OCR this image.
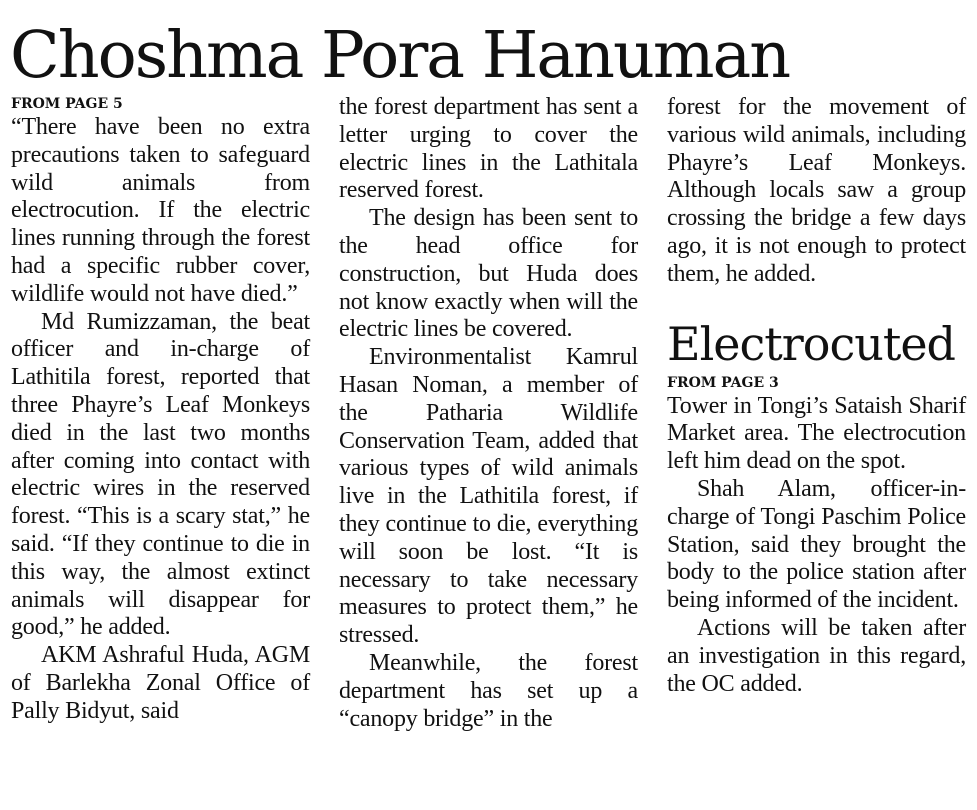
Choshma Pora Hanuman
FROM PAGE 5

“There have been no extra precautions taken to safeguard wild animals from electrocution. If the electric lines running through the forest had a specific rubber cover, wildlife would not have died.”

Md Rumizzaman, the beat officer and in-charge of Lathitila forest, reported that three Phayre’s Leaf Monkeys died in the last two months after coming into contact with electric wires in the reserved forest. “This is a scary stat,” he said. “If they continue to die in this way, the almost extinct animals will disappear for good,” he added.

AKM Ashraful Huda, AGM of Barlekha Zonal Office of Pally Bidyut, said

the forest department has sent a letter urging to cover the electric lines in the Lathitala reserved forest.

The design has been sent to the head office for construction, but Huda does not know exactly when will the electric lines be covered.

Environmentalist Kamrul Hasan Noman, a member of the Patharia Wildlife Conservation Team, added that various types of wild animals live in the Lathitila forest, if they continue to die, everything will soon be lost. “It is necessary to take necessary measures to protect them,” he stressed.

Meanwhile, the forest department has set up a “canopy bridge” in the

forest for the movement of various wild animals, including Phayre’s Leaf Monkeys. Although locals saw a group crossing the bridge a few days ago, it is not enough to protect them, he added.

Electrocuted
FROM PAGE 3

Tower in Tongi’s Sataish Sharif Market area. The electrocution left him dead on the spot.

Shah Alam, officer-in-charge of Tongi Paschim Police Station, said they brought the body to the police station after being informed of the incident.

Actions will be taken after an investigation in this regard, the OC added.
